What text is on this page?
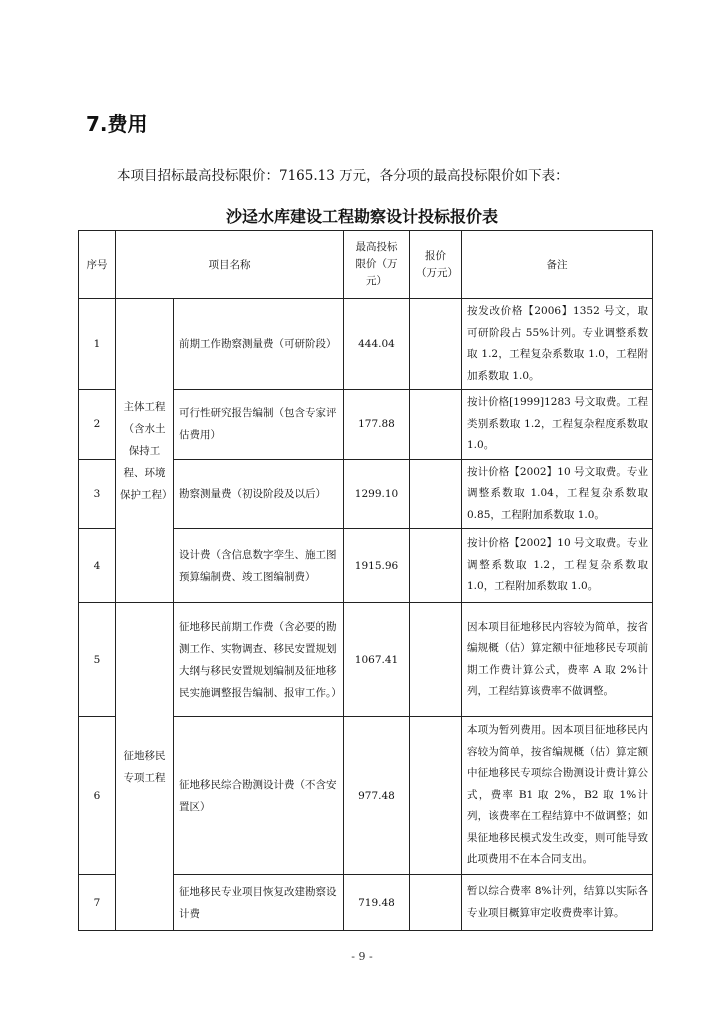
7.费用
本项目招标最高投标限价：7165.13 万元，各分项的最高投标限价如下表：
沙迳水库建设工程勘察设计投标报价表
序号	项目名称		最高投标限价（万元）	报价（万元）	备注
1	主体工程（含水土保持工程、环境保护工程）	前期工作勘察测量费（可研阶段）	444.04		按发改价格【2006】1352 号文，取可研阶段占 55%计列。专业调整系数取 1.2，工程复杂系数取 1.0，工程附加系数取 1.0。
2		可行性研究报告编制（包含专家评估费用）	177.88		按计价格[1999]1283 号文取费。工程类别系数取 1.2，工程复杂程度系数取 1.0。
3		勘察测量费（初设阶段及以后）	1299.10		按计价格【2002】10 号文取费。专业调整系数取 1.04，工程复杂系数取 0.85，工程附加系数取 1.0。
4		设计费（含信息数字孪生、施工图预算编制费、竣工图编制费）	1915.96		按计价格【2002】10 号文取费。专业调整系数取 1.2，工程复杂系数取 1.0，工程附加系数取 1.0。
5	征地移民专项工程	征地移民前期工作费（含必要的勘测工作、实物调查、移民安置规划大纲与移民安置规划编制及征地移民实施调整报告编制、报审工作。）	1067.41		因本项目征地移民内容较为简单，按省编规概（估）算定额中征地移民专项前期工作费计算公式，费率 A 取 2%计列，工程结算该费率不做调整。
6		征地移民综合勘测设计费（不含安置区）	977.48		本项为暂列费用。因本项目征地移民内容较为简单，按省编规概（估）算定额中征地移民专项综合勘测设计费计算公式，费率 B1 取 2%，B2 取 1%计列，该费率在工程结算中不做调整；如果征地移民模式发生改变，则可能导致此项费用不在本合同支出。
7		征地移民专业项目恢复改建勘察设计费	719.48		暂以综合费率 8%计列，结算以实际各专业项目概算审定收费费率计算。
- 9 -
